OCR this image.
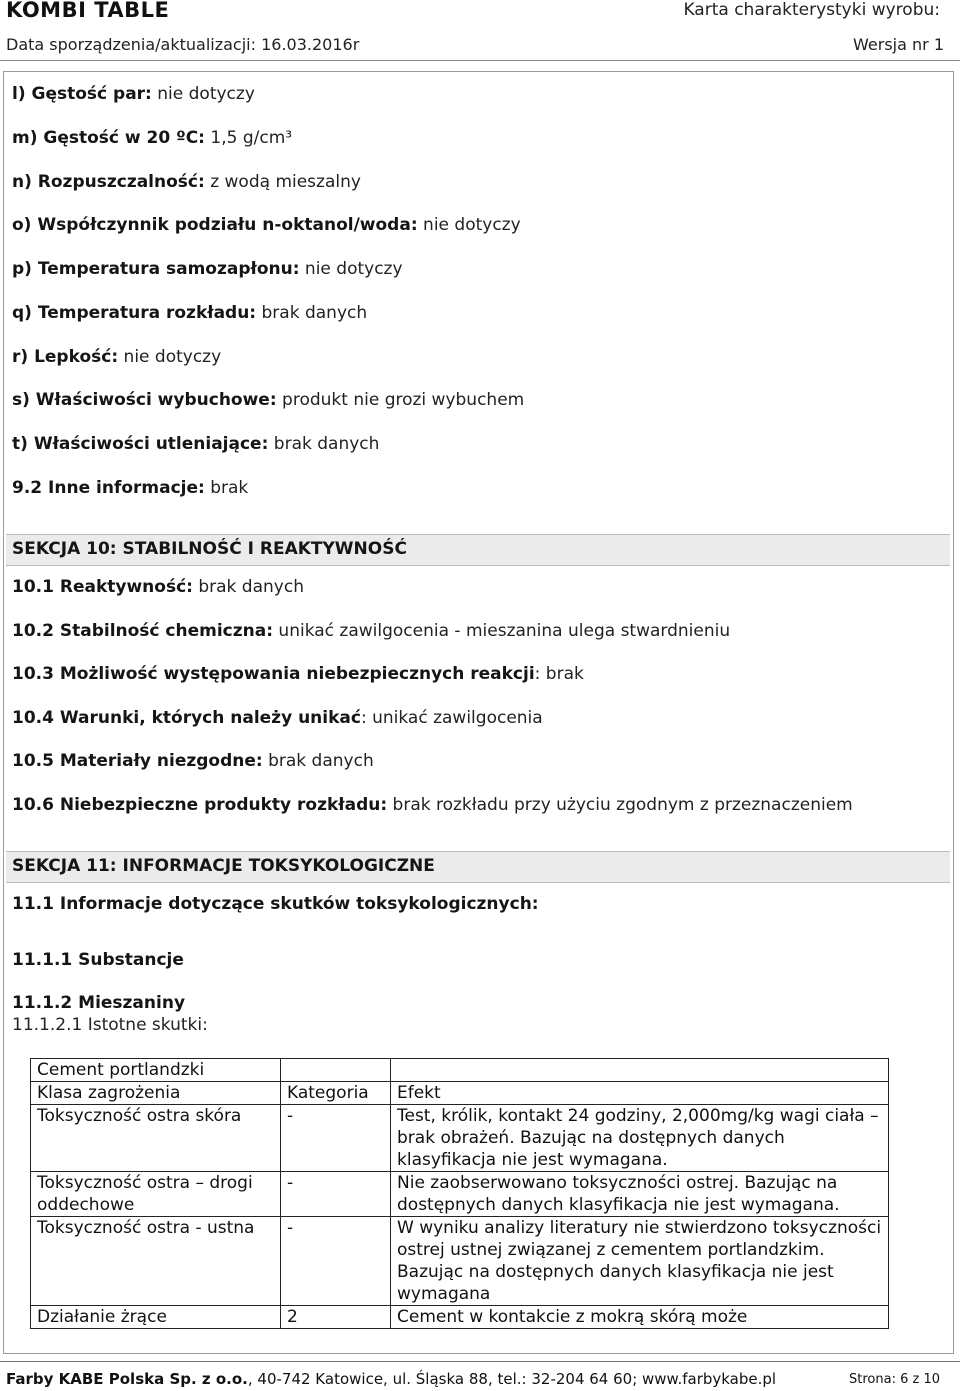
KOMBI TABLE	Karta charakterystyki wyrobu:
Data sporządzenia/aktualizacji: 16.03.2016r	Wersja nr 1
l) Gęstość par: nie dotyczy
m) Gęstość w 20 ºC: 1,5 g/cm³
n) Rozpuszczalność: z wodą mieszalny
o) Współczynnik podziału n-oktanol/woda: nie dotyczy
p) Temperatura samozapłonu: nie dotyczy
q) Temperatura rozkładu: brak danych
r) Lepkość: nie dotyczy
s) Właściwości wybuchowe: produkt nie grozi wybuchem
t) Właściwości utleniające: brak danych
9.2 Inne informacje: brak
SEKCJA 10: STABILNOŚĆ I REAKTYWNOŚĆ
10.1 Reaktywność: brak danych
10.2 Stabilność chemiczna: unikać zawilgocenia - mieszanina ulega stwardnieniu
10.3 Możliwość występowania niebezpiecznych reakcji: brak
10.4 Warunki, których należy unikać: unikać zawilgocenia
10.5 Materiały niezgodne: brak danych
10.6 Niebezpieczne produkty rozkładu: brak rozkładu przy użyciu zgodnym z przeznaczeniem
SEKCJA 11: INFORMACJE TOKSYKOLOGICZNE
11.1 Informacje dotyczące skutków toksykologicznych:
11.1.1 Substancje
11.1.2 Mieszaniny
11.1.2.1 Istotne skutki:
Cement portlandzki		
Klasa zagrożenia	Kategoria	Efekt
Toksyczność ostra skóra	-	Test, królik, kontakt 24 godziny, 2,000mg/kg wagi ciała – brak obrażeń. Bazując na dostępnych danych klasyfikacja nie jest wymagana.
Toksyczność ostra – drogi oddechowe	-	Nie zaobserwowano toksyczności ostrej. Bazując na dostępnych danych klasyfikacja nie jest wymagana.
Toksyczność ostra - ustna	-	W wyniku analizy literatury nie stwierdzono toksyczności ostrej ustnej związanej z cementem portlandzkim. Bazując na dostępnych danych klasyfikacja nie jest wymagana
Działanie żrące	2	Cement w kontakcie z mokrą skórą może
Farby KABE Polska Sp. z o.o., 40-742 Katowice, ul. Śląska 88, tel.: 32-204 64 60; www.farbykabe.pl	Strona: 6 z 10
